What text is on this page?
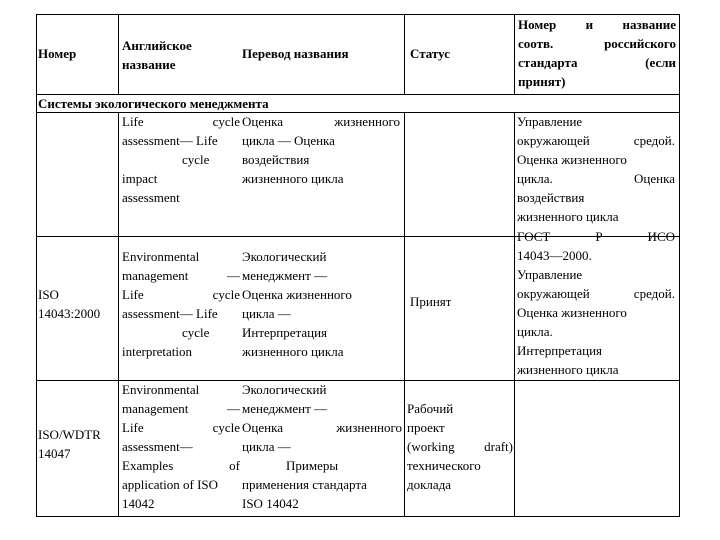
Номер
Английское
название
Перевод названия	Статус
Номер и название
соотв. российского
стандарта (если
принят)
Системы экологического менеджмента
Life cycle
assessment— Life
cycle
impact
assessment
Оценка жизненного
цикла — Оценка
воздействия
жизненного цикла
Управление
окружающей средой.
Оценка жизненного
цикла. Оценка
воздействия
жизненного цикла
ISO
14043:2000
Environmental
management —
Life cycle
assessment— Life
cycle
interpretation
Экологический
менеджмент —
Оценка жизненного
цикла —
Интерпретация
жизненного цикла
Принят
ГОСТ Р ИСО
14043—2000.
Управление
окружающей средой.
Оценка жизненного
цикла.
Интерпретация
жизненного цикла
ISO/WDTR
14047
Environmental
management —
Life cycle
assessment—
Examples of
application of ISO
14042
Экологический
менеджмент —
Оценка жизненного
цикла —
Примеры
применения стандарта
ISO 14042
Рабочий
проект
(working draft)
технического
доклада
